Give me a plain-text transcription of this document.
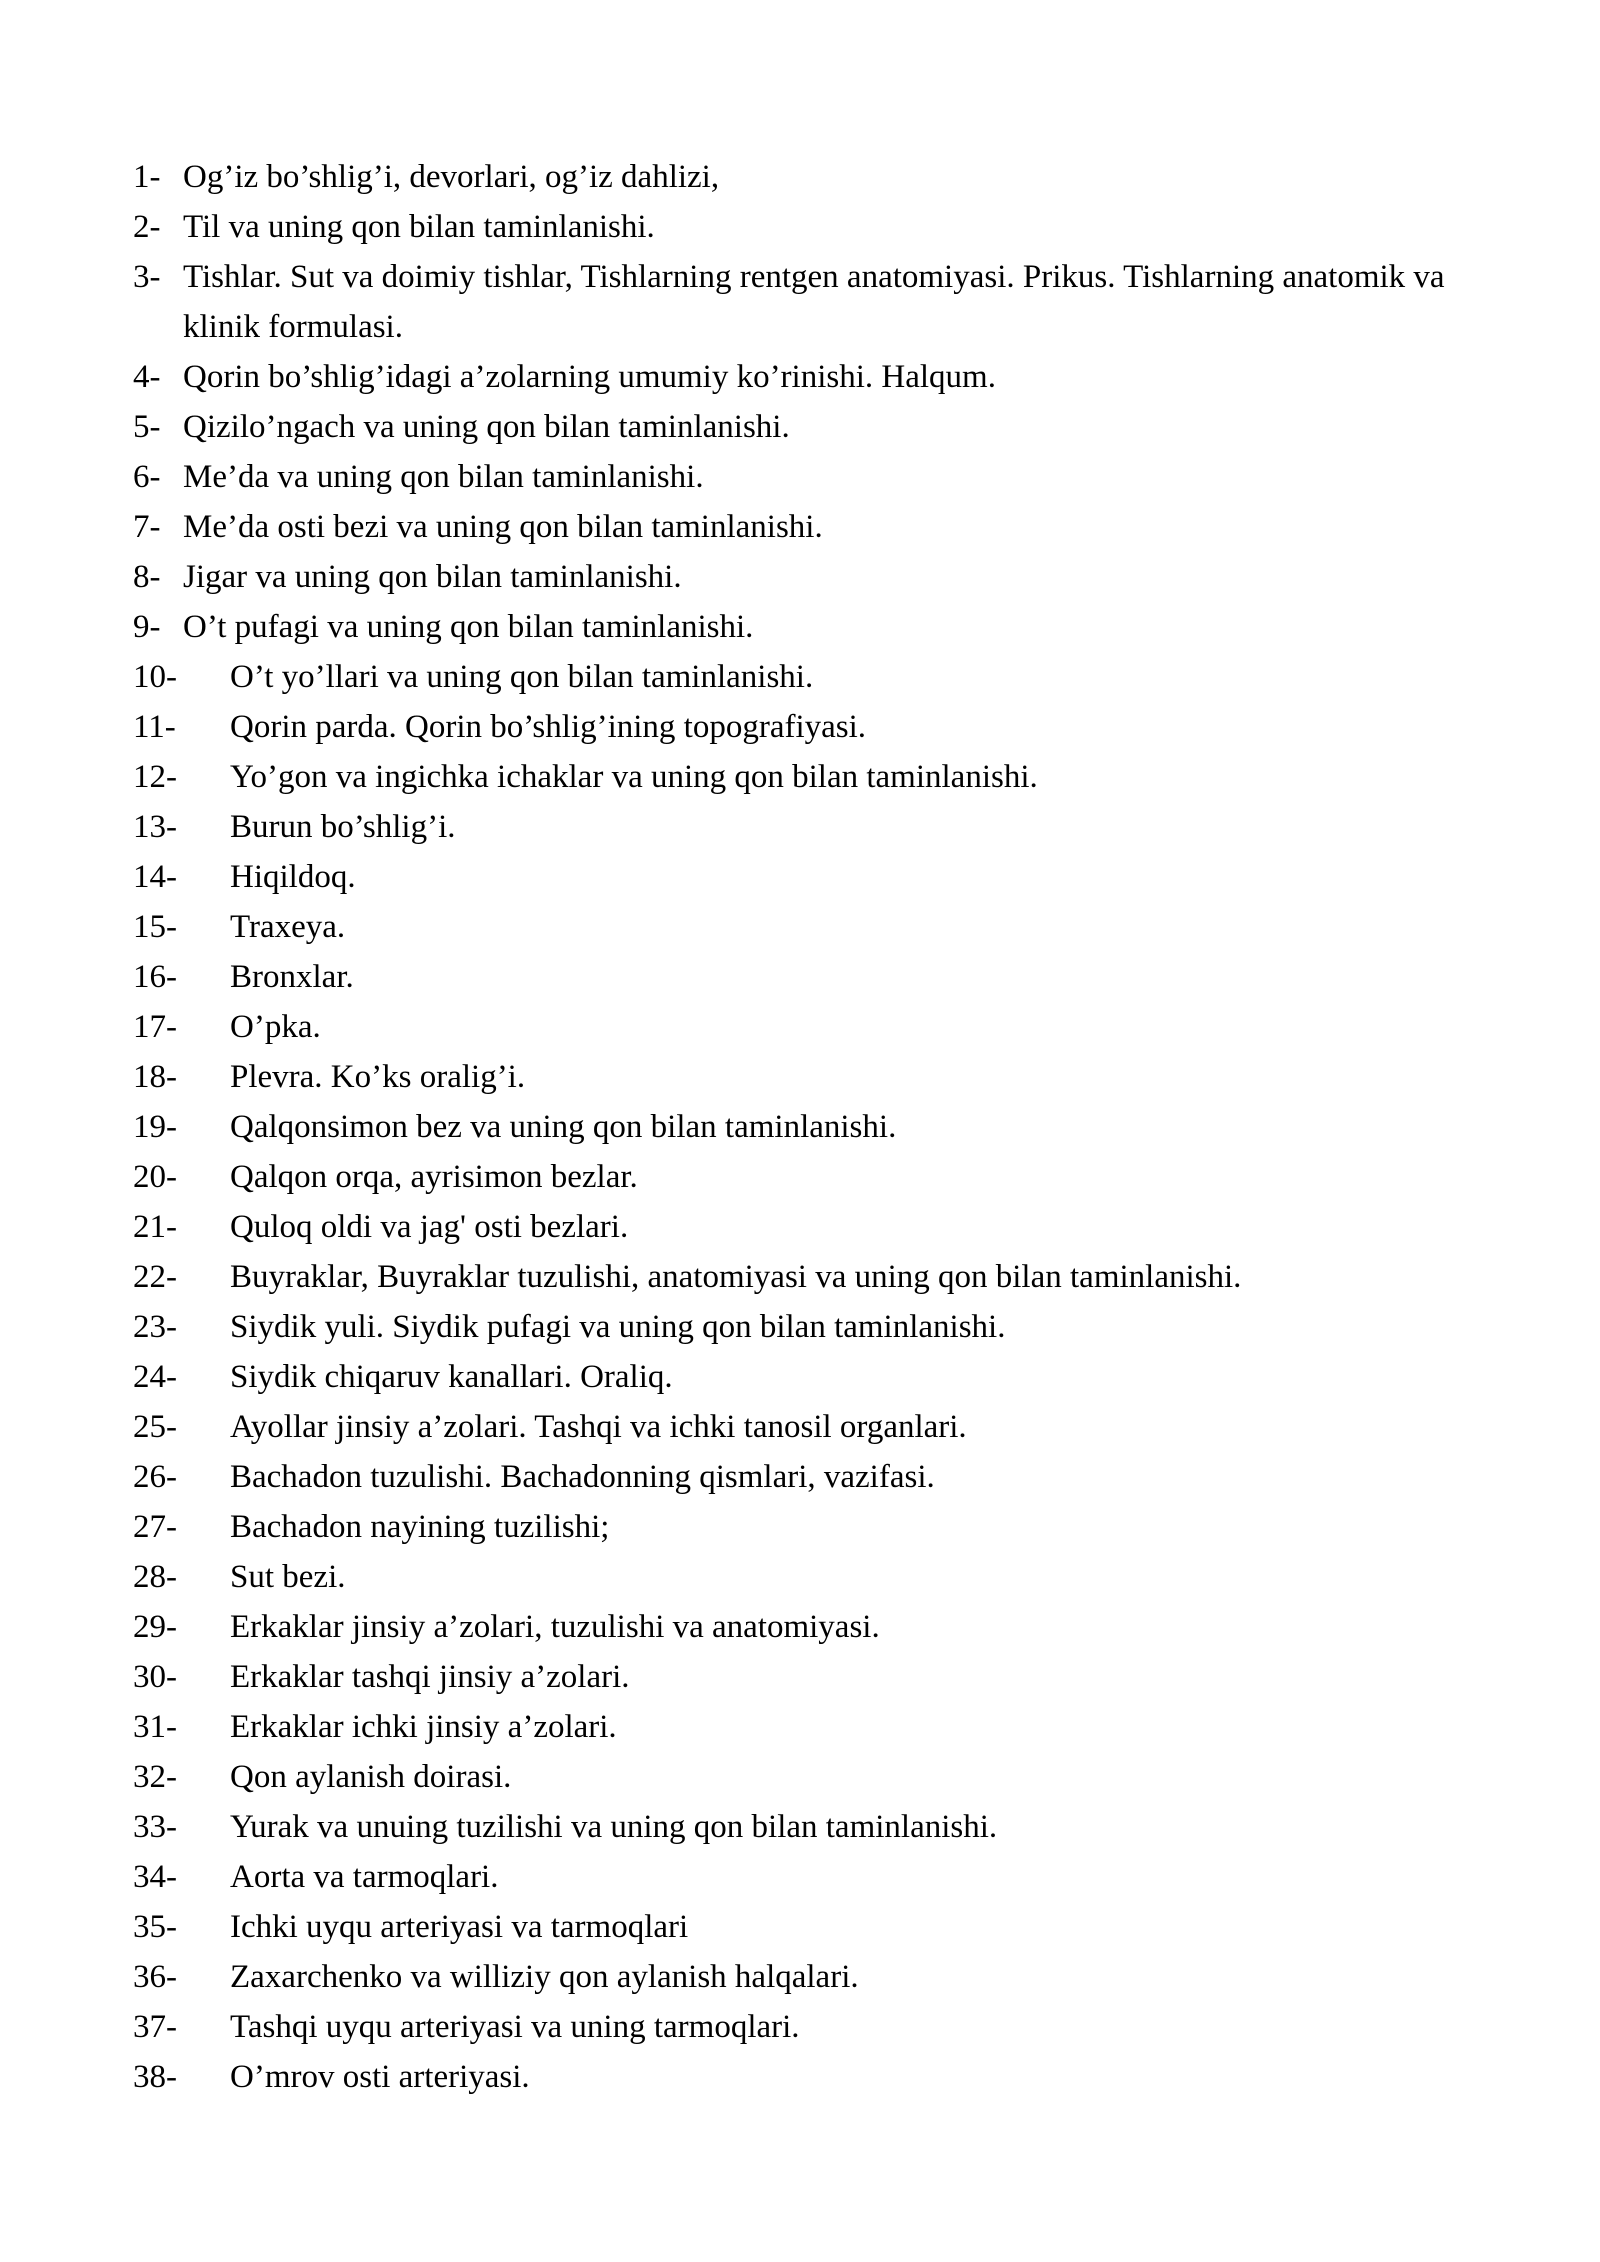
1- Og’iz bo’shlig’i, devorlari, og’iz dahlizi,
2- Til va uning qon bilan taminlanishi.
3- Tishlar. Sut va doimiy tishlar, Tishlarning rentgen anatomiyasi. Prikus. Tishlarning anatomik va klinik formulasi.
4- Qorin bo’shlig’idagi a’zolarning umumiy ko’rinishi. Halqum.
5- Qizilo’ngach va uning qon bilan taminlanishi.
6- Me’da va uning qon bilan taminlanishi.
7- Me’da osti bezi va uning qon bilan taminlanishi.
8- Jigar va uning qon bilan taminlanishi.
9- O’t pufagi va uning qon bilan taminlanishi.
10-	O’t yo’llari va uning qon bilan taminlanishi.
11-	Qorin parda. Qorin bo’shlig’ining topografiyasi.
12-	Yo’gon va ingichka ichaklar va uning qon bilan taminlanishi.
13-	Burun bo’shlig’i.
14-	Hiqildoq.
15-	Traxeya.
16-	Bronxlar.
17-	O’pka.
18-	Plevra. Ko’ks oralig’i.
19-	Qalqonsimon bez va uning qon bilan taminlanishi.
20-	Qalqon orqa, ayrisimon bezlar.
21-	Quloq oldi va jag' osti bezlari.
22-	Buyraklar, Buyraklar tuzulishi, anatomiyasi va uning qon bilan taminlanishi.
23-	Siydik yuli. Siydik pufagi va uning qon bilan taminlanishi.
24-	Siydik chiqaruv kanallari. Oraliq.
25-	Ayollar jinsiy a’zolari. Tashqi va ichki tanosil organlari.
26-	Bachadon tuzulishi. Bachadonning qismlari, vazifasi.
27-	Bachadon nayining tuzilishi;
28-	Sut bezi.
29-	Erkaklar jinsiy a’zolari, tuzulishi va anatomiyasi.
30-	Erkaklar tashqi jinsiy a’zolari.
31-	Erkaklar ichki jinsiy a’zolari.
32-	Qon aylanish doirasi.
33-	Yurak va unuing tuzilishi va uning qon bilan taminlanishi.
34-	Aorta va tarmoqlari.
35-	Ichki uyqu arteriyasi va tarmoqlari
36-	Zaxarchenko va williziy qon aylanish halqalari.
37-	Tashqi uyqu arteriyasi va uning tarmoqlari.
38-	O’mrov osti arteriyasi.
